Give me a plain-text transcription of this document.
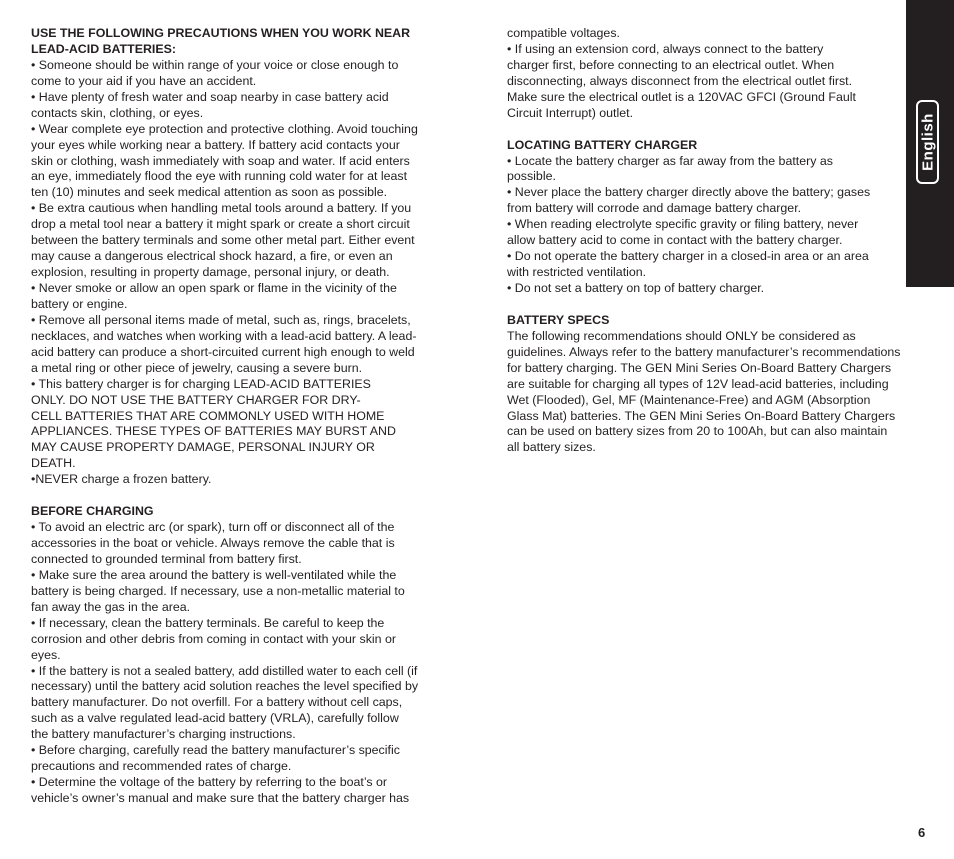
USE THE FOLLOWING PRECAUTIONS WHEN YOU WORK NEAR
LEAD-ACID BATTERIES:
• Someone should be within range of your voice or close enough to
come to your aid if you have an accident.
• Have plenty of fresh water and soap nearby in case battery acid
contacts skin, clothing, or eyes.
• Wear complete eye protection and protective clothing. Avoid touching
your eyes while working near a battery. If battery acid contacts your
skin or clothing, wash immediately with soap and water. If acid enters
an eye, immediately flood the eye with running cold water for at least
ten (10) minutes and seek medical attention as soon as possible.
• Be extra cautious when handling metal tools around a battery. If you
drop a metal tool near a battery it might spark or create a short circuit
between the battery terminals and some other metal part. Either event
may cause a dangerous electrical shock hazard, a fire, or even an
explosion, resulting in property damage, personal injury, or death.
• Never smoke or allow an open spark or flame in the vicinity of the
battery or engine.
• Remove all personal items made of metal, such as, rings, bracelets,
necklaces, and watches when working with a lead-acid battery. A lead-
acid battery can produce a short-circuited current high enough to weld
a metal ring or other piece of jewelry, causing a severe burn.
• This battery charger is for charging LEAD-ACID BATTERIES
ONLY. DO NOT USE THE BATTERY CHARGER FOR DRY-
CELL BATTERIES THAT ARE COMMONLY USED WITH HOME
APPLIANCES. THESE TYPES OF BATTERIES MAY BURST AND
MAY CAUSE PROPERTY DAMAGE, PERSONAL INJURY OR
DEATH.
•NEVER charge a frozen battery.
BEFORE CHARGING
• To avoid an electric arc (or spark), turn off or disconnect all of the
accessories in the boat or vehicle. Always remove the cable that is
connected to grounded terminal from battery first.
• Make sure the area around the battery is well-ventilated while the
battery is being charged. If necessary, use a non-metallic material to
fan away the gas in the area.
• If necessary, clean the battery terminals. Be careful to keep the
corrosion and other debris from coming in contact with your skin or
eyes.
• If the battery is not a sealed battery, add distilled water to each cell (if
necessary) until the battery acid solution reaches the level specified by
battery manufacturer. Do not overfill. For a battery without cell caps,
such as a valve regulated lead-acid battery (VRLA), carefully follow
the battery manufacturer’s charging instructions.
• Before charging, carefully read the battery manufacturer’s specific
precautions and recommended rates of charge.
• Determine the voltage of the battery by referring to the boat’s or
vehicle’s owner’s manual and make sure that the battery charger has
compatible voltages.
• If using an extension cord, always connect to the battery
charger first, before connecting to an electrical outlet. When
disconnecting, always disconnect from the electrical outlet first.
Make sure the electrical outlet is a 120VAC GFCI (Ground Fault
Circuit Interrupt) outlet.
LOCATING BATTERY CHARGER
• Locate the battery charger as far away from the battery as
possible.
• Never place the battery charger directly above the battery; gases
from battery will corrode and damage battery charger.
• When reading electrolyte specific gravity or filing battery, never
allow battery acid to come in contact with the battery charger.
• Do not operate the battery charger in a closed-in area or an area
with restricted ventilation.
• Do not set a battery on top of battery charger.
BATTERY SPECS
The following recommendations should ONLY be considered as
guidelines. Always refer to the battery manufacturer’s recommendations
for battery charging. The GEN Mini Series On-Board Battery Chargers
are suitable for charging all types of 12V lead-acid batteries, including
Wet (Flooded), Gel, MF (Maintenance-Free) and AGM (Absorption
Glass Mat) batteries. The GEN Mini Series On-Board Battery Chargers
can be used on battery sizes from 20 to 100Ah, but can also maintain
all battery sizes.
English
6
